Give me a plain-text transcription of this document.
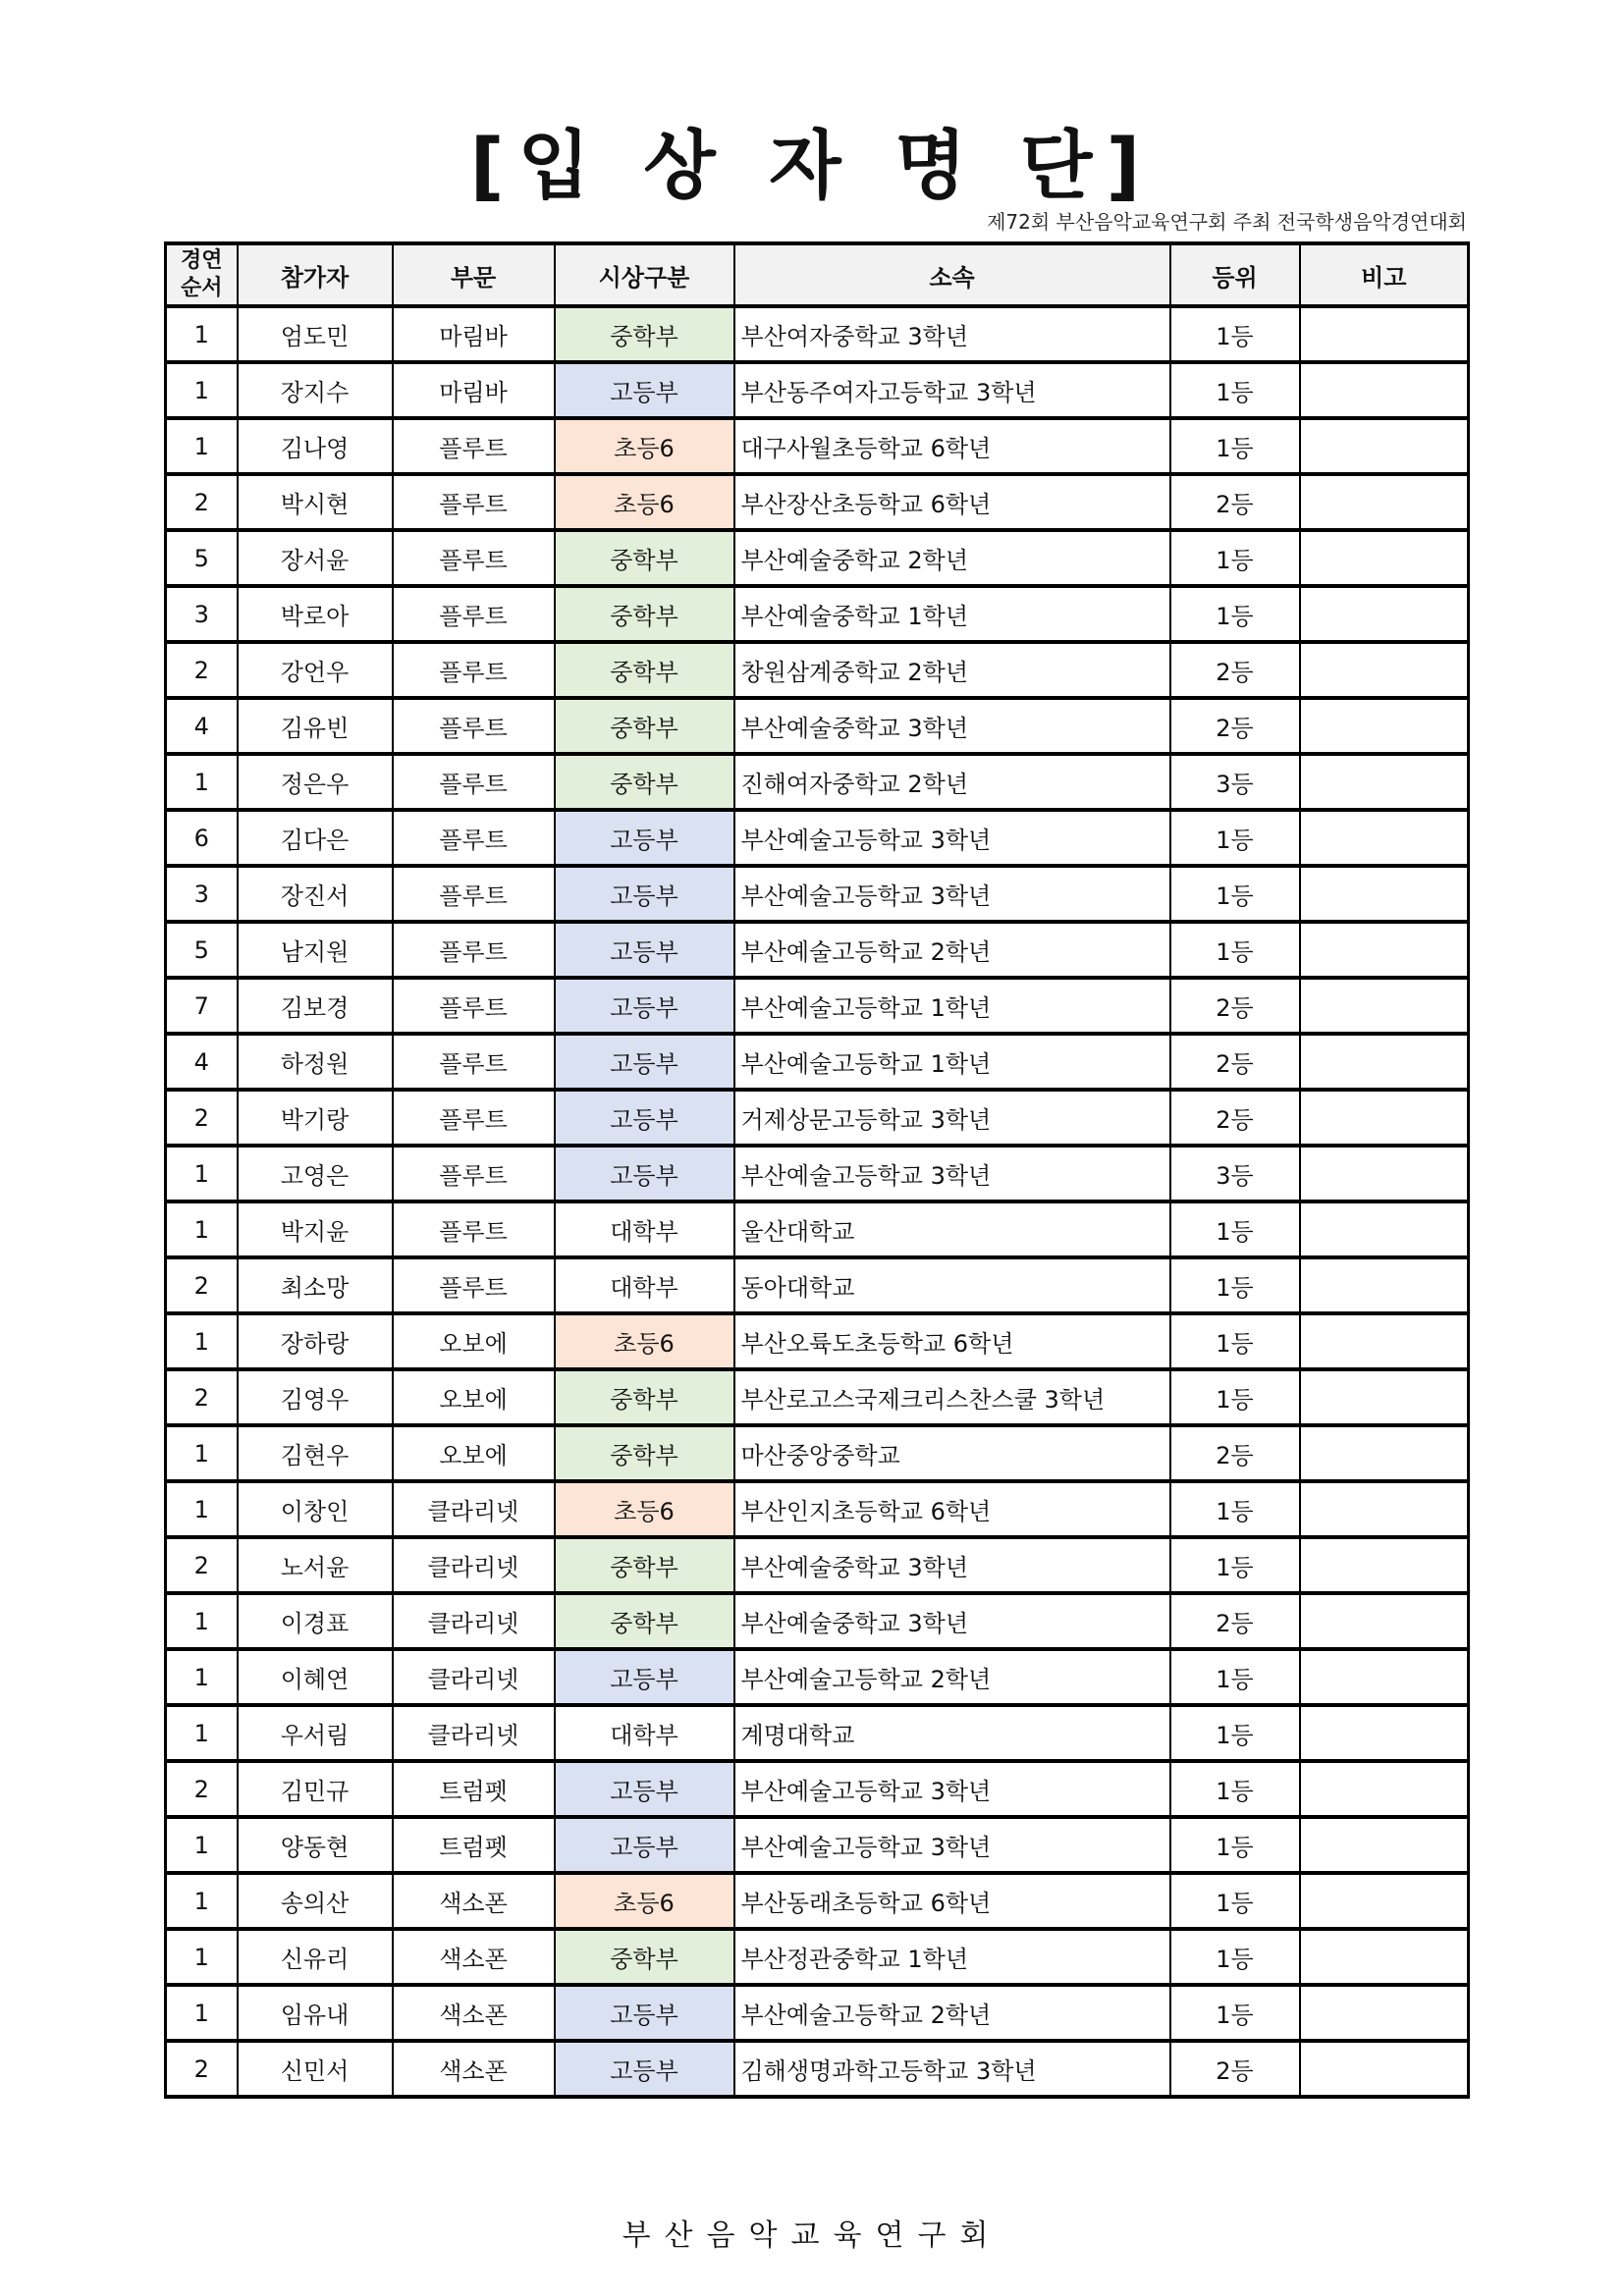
[입 상 자 명 단]
제72회 부산음악교육연구회 주최 전국학생음악경연대회
경연
순서	참가자	부문	시상구분	소속	등위	비고
1	엄도민	마림바	중학부	부산여자중학교 3학년	1등	
1	장지수	마림바	고등부	부산동주여자고등학교 3학년	1등	
1	김나영	플루트	초등6	대구사월초등학교 6학년	1등	
2	박시현	플루트	초등6	부산장산초등학교 6학년	2등	
5	장서윤	플루트	중학부	부산예술중학교 2학년	1등	
3	박로아	플루트	중학부	부산예술중학교 1학년	1등	
2	강언우	플루트	중학부	창원삼계중학교 2학년	2등	
4	김유빈	플루트	중학부	부산예술중학교 3학년	2등	
1	정은우	플루트	중학부	진해여자중학교 2학년	3등	
6	김다은	플루트	고등부	부산예술고등학교 3학년	1등	
3	장진서	플루트	고등부	부산예술고등학교 3학년	1등	
5	남지원	플루트	고등부	부산예술고등학교 2학년	1등	
7	김보경	플루트	고등부	부산예술고등학교 1학년	2등	
4	하정원	플루트	고등부	부산예술고등학교 1학년	2등	
2	박기랑	플루트	고등부	거제상문고등학교 3학년	2등	
1	고영은	플루트	고등부	부산예술고등학교 3학년	3등	
1	박지윤	플루트	대학부	울산대학교	1등	
2	최소망	플루트	대학부	동아대학교	1등	
1	장하랑	오보에	초등6	부산오륙도초등학교 6학년	1등	
2	김영우	오보에	중학부	부산로고스국제크리스찬스쿨 3학년	1등	
1	김현우	오보에	중학부	마산중앙중학교	2등	
1	이창인	클라리넷	초등6	부산인지초등학교 6학년	1등	
2	노서윤	클라리넷	중학부	부산예술중학교 3학년	1등	
1	이경표	클라리넷	중학부	부산예술중학교 3학년	2등	
1	이혜연	클라리넷	고등부	부산예술고등학교 2학년	1등	
1	우서림	클라리넷	대학부	계명대학교	1등	
2	김민규	트럼펫	고등부	부산예술고등학교 3학년	1등	
1	양동현	트럼펫	고등부	부산예술고등학교 3학년	1등	
1	송의산	색소폰	초등6	부산동래초등학교 6학년	1등	
1	신유리	색소폰	중학부	부산정관중학교 1학년	1등	
1	임유내	색소폰	고등부	부산예술고등학교 2학년	1등	
2	신민서	색소폰	고등부	김해생명과학고등학교 3학년	2등	
부산음악교육연구회
